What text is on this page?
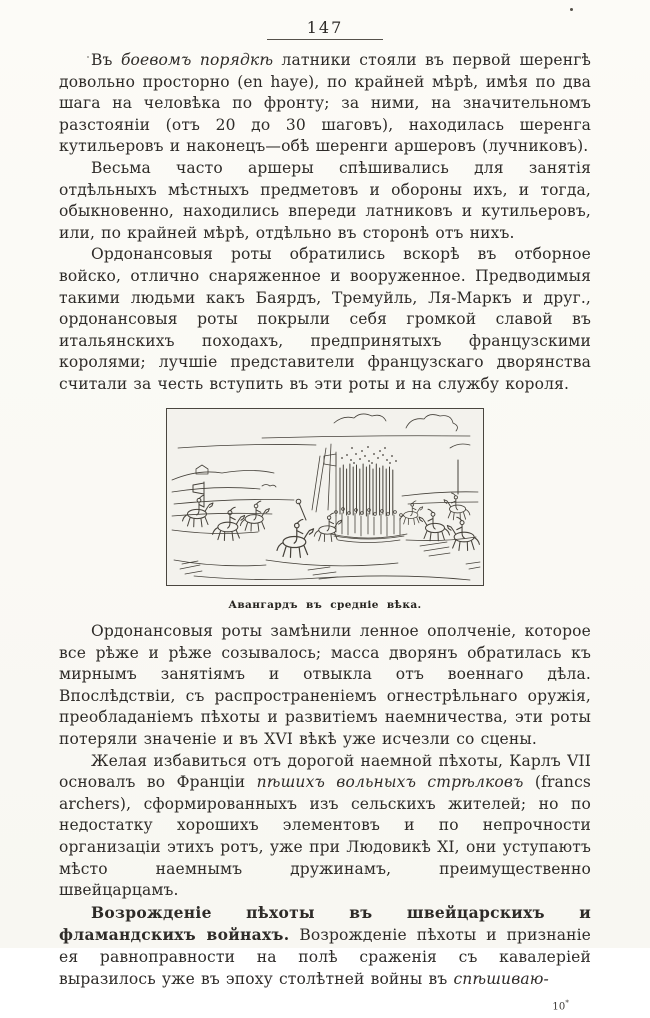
147

Въ боевомъ порядкѣ латники стояли въ первой шеренгѣ довольно просторно (en haye), по крайней мѣрѣ, имѣя по два шага на человѣка по фронту; за ними, на значительномъ разстояніи (отъ 20 до 30 шаговъ), находилась шеренга кутильеровъ и наконецъ—обѣ шеренги аршеровъ (лучниковъ).

Весьма часто аршеры спѣшивались для занятія отдѣльныхъ мѣстныхъ предметовъ и обороны ихъ, и тогда, обыкновенно, находились впереди латниковъ и кутильеровъ, или, по крайней мѣрѣ, отдѣльно въ сторонѣ отъ нихъ.

Ордонансовыя роты обратились вскорѣ въ отборное войско, отлично снаряженное и вооруженное. Предводимыя такими людьми какъ Баярдъ, Тремуйль, Ля-Маркъ и друг., ордонансовыя роты покрыли себя громкой славой въ итальянскихъ походахъ, предпринятыхъ французскими королями; лучшіе представители французскаго дворянства считали за честь вступить въ эти роты и на службу короля.

Авангардъ въ средніе вѣка.

Ордонансовыя роты замѣнили ленное ополченіе, которое все рѣже и рѣже созывалось; масса дворянъ обратилась къ мирнымъ занятіямъ и отвыкла отъ военнаго дѣла. Впослѣдствіи, съ распространеніемъ огнестрѣльнаго оружія, преобладаніемъ пѣхоты и развитіемъ наемничества, эти роты потеряли значеніе и въ XVI вѣкѣ уже исчезли со сцены.

Желая избавиться отъ дорогой наемной пѣхоты, Карлъ VII основалъ во Франціи пѣшихъ вольныхъ стрѣлковъ (francs archers), сформированныхъ изъ сельскихъ жителей; но по недостатку хорошихъ элементовъ и по непрочности организаціи этихъ ротъ, уже при Людовикѣ XI, они уступаютъ мѣсто наемнымъ дружинамъ, преимущественно швейцарцамъ.

Возрожденіе пѣхоты въ швейцарскихъ и фламандскихъ войнахъ. Возрожденіе пѣхоты и признаніе ея равноправности на полѣ сраженія съ кавалеріей выразилось уже въ эпоху столѣтней войны въ спѣшиваю-

10*
